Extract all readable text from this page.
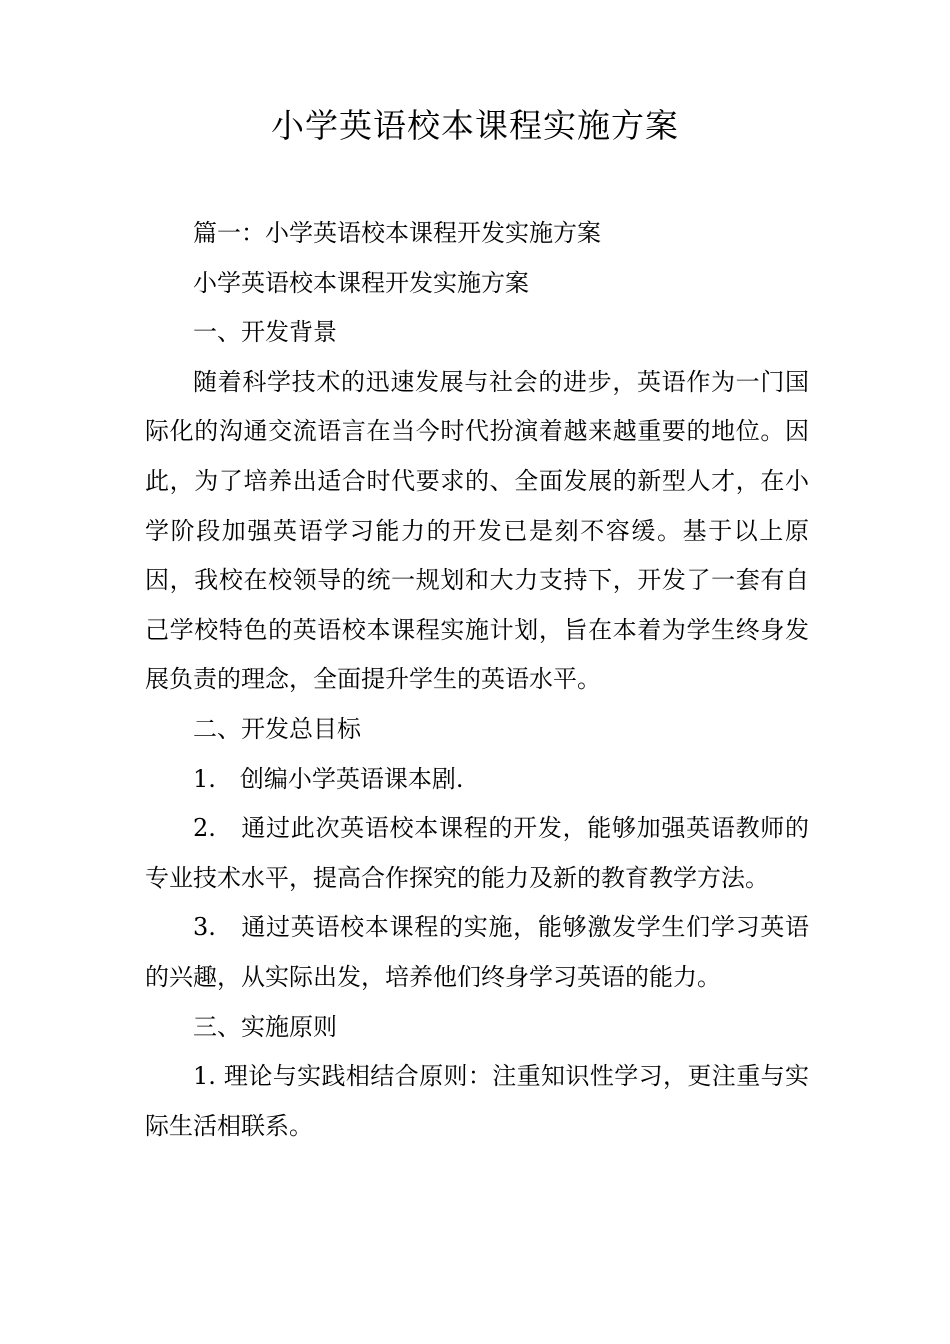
小学英语校本课程实施方案

篇一：小学英语校本课程开发实施方案

小学英语校本课程开发实施方案

一、开发背景

随着科学技术的迅速发展与社会的进步，英语作为一门国际化的沟通交流语言在当今时代扮演着越来越重要的地位。因此，为了培养出适合时代要求的、全面发展的新型人才，在小学阶段加强英语学习能力的开发已是刻不容缓。基于以上原因，我校在校领导的统一规划和大力支持下，开发了一套有自己学校特色的英语校本课程实施计划，旨在本着为学生终身发展负责的理念，全面提升学生的英语水平。

二、开发总目标

1.　创编小学英语课本剧.

2.　通过此次英语校本课程的开发，能够加强英语教师的专业技术水平，提高合作探究的能力及新的教育教学方法。

3.　通过英语校本课程的实施，能够激发学生们学习英语的兴趣，从实际出发，培养他们终身学习英语的能力。

三、实施原则

1. 理论与实践相结合原则：注重知识性学习，更注重与实际生活相联系。
